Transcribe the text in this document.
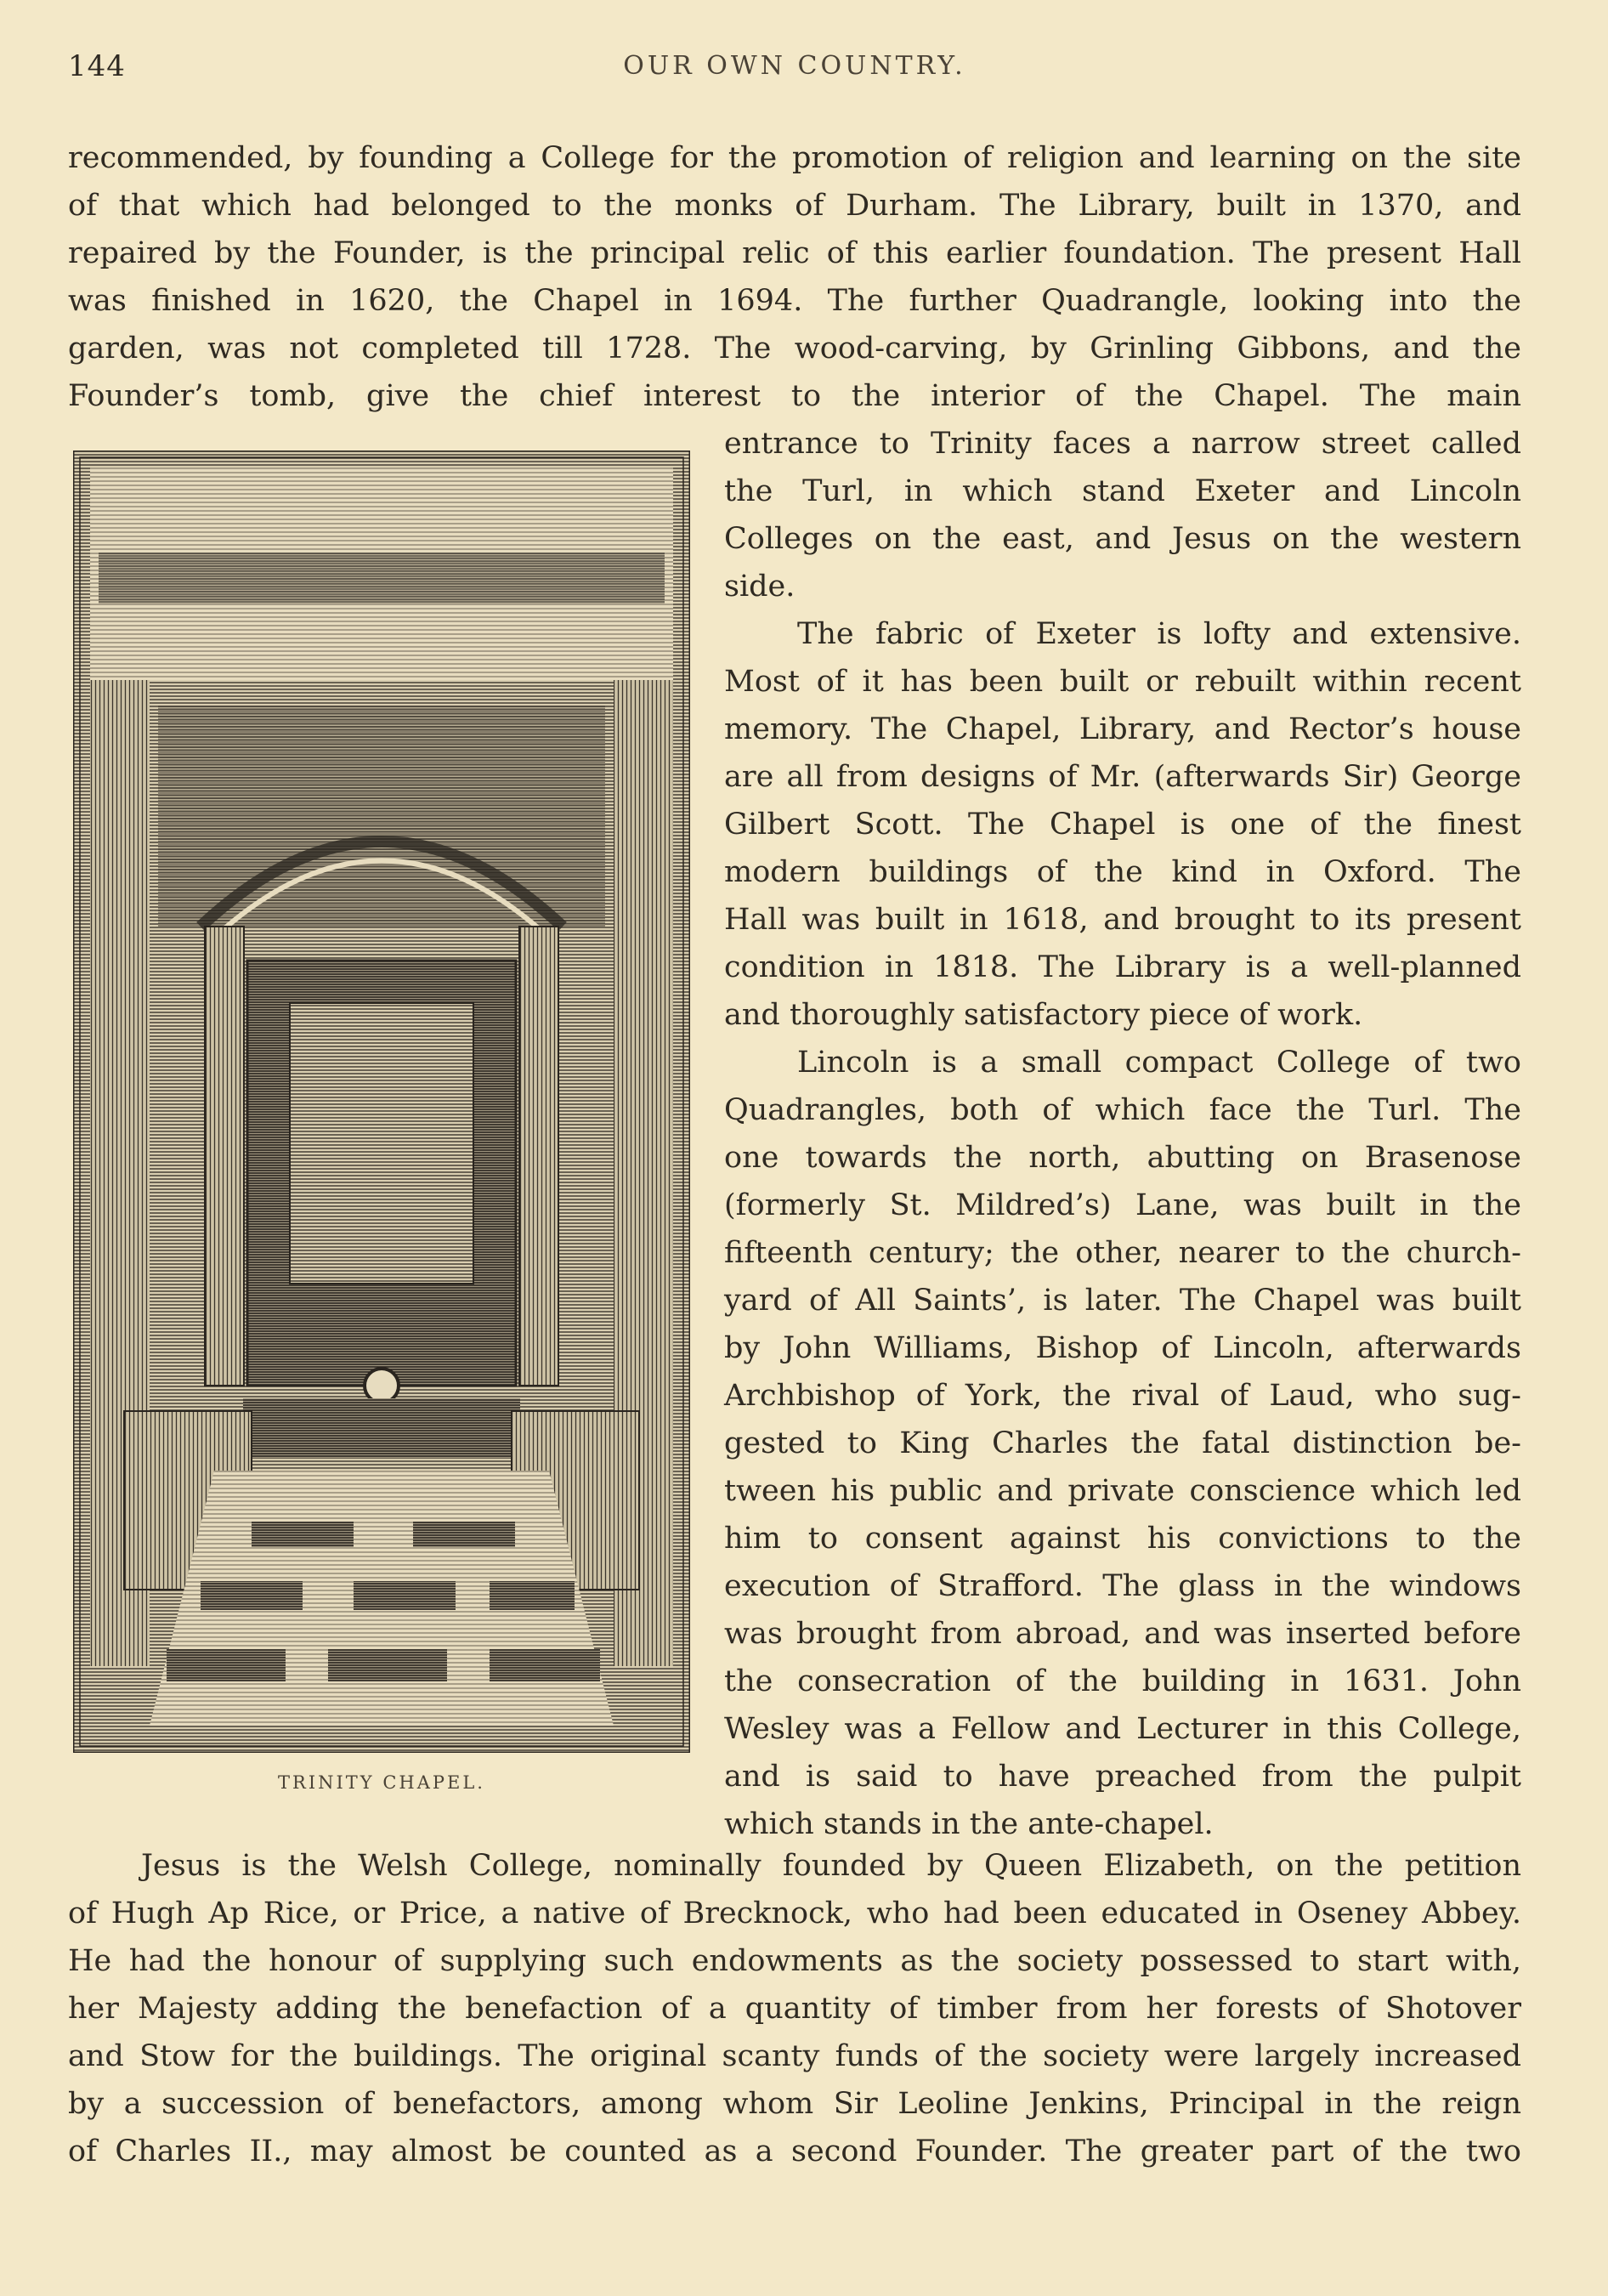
144	OUR OWN COUNTRY.
recommended, by founding a College for the promotion of religion and learning on the site
of that which had belonged to the monks of Durham. The Library, built in 1370, and
repaired by the Founder, is the principal relic of this earlier foundation. The present Hall
was finished in 1620, the Chapel in 1694. The further Quadrangle, looking into the
garden, was not completed till 1728. The wood-carving, by Grinling Gibbons, and the
Founder’s tomb, give the chief interest to the interior of the Chapel. The main
entrance to Trinity faces a narrow street called
the Turl, in which stand Exeter and Lincoln
Colleges on the east, and Jesus on the western
side.
The fabric of Exeter is lofty and extensive.
Most of it has been built or rebuilt within recent
memory. The Chapel, Library, and Rector’s house
are all from designs of Mr. (afterwards Sir) George
Gilbert Scott. The Chapel is one of the finest
modern buildings of the kind in Oxford. The
Hall was built in 1618, and brought to its present
condition in 1818. The Library is a well-planned
and thoroughly satisfactory piece of work.
Lincoln is a small compact College of two
Quadrangles, both of which face the Turl. The
one towards the north, abutting on Brasenose
(formerly St. Mildred’s) Lane, was built in the
fifteenth century; the other, nearer to the church-
yard of All Saints’, is later. The Chapel was built
by John Williams, Bishop of Lincoln, afterwards
Archbishop of York, the rival of Laud, who sug-
gested to King Charles the fatal distinction be-
tween his public and private conscience which led
him to consent against his convictions to the
execution of Strafford. The glass in the windows
was brought from abroad, and was inserted before
the consecration of the building in 1631. John
Wesley was a Fellow and Lecturer in this College,
and is said to have preached from the pulpit
which stands in the ante-chapel.
Jesus is the Welsh College, nominally founded by Queen Elizabeth, on the petition
of Hugh Ap Rice, or Price, a native of Brecknock, who had been educated in Oseney Abbey.
He had the honour of supplying such endowments as the society possessed to start with,
her Majesty adding the benefaction of a quantity of timber from her forests of Shotover
and Stow for the buildings. The original scanty funds of the society were largely increased
by a succession of benefactors, among whom Sir Leoline Jenkins, Principal in the reign
of Charles II., may almost be counted as a second Founder. The greater part of the two
TRINITY CHAPEL.
